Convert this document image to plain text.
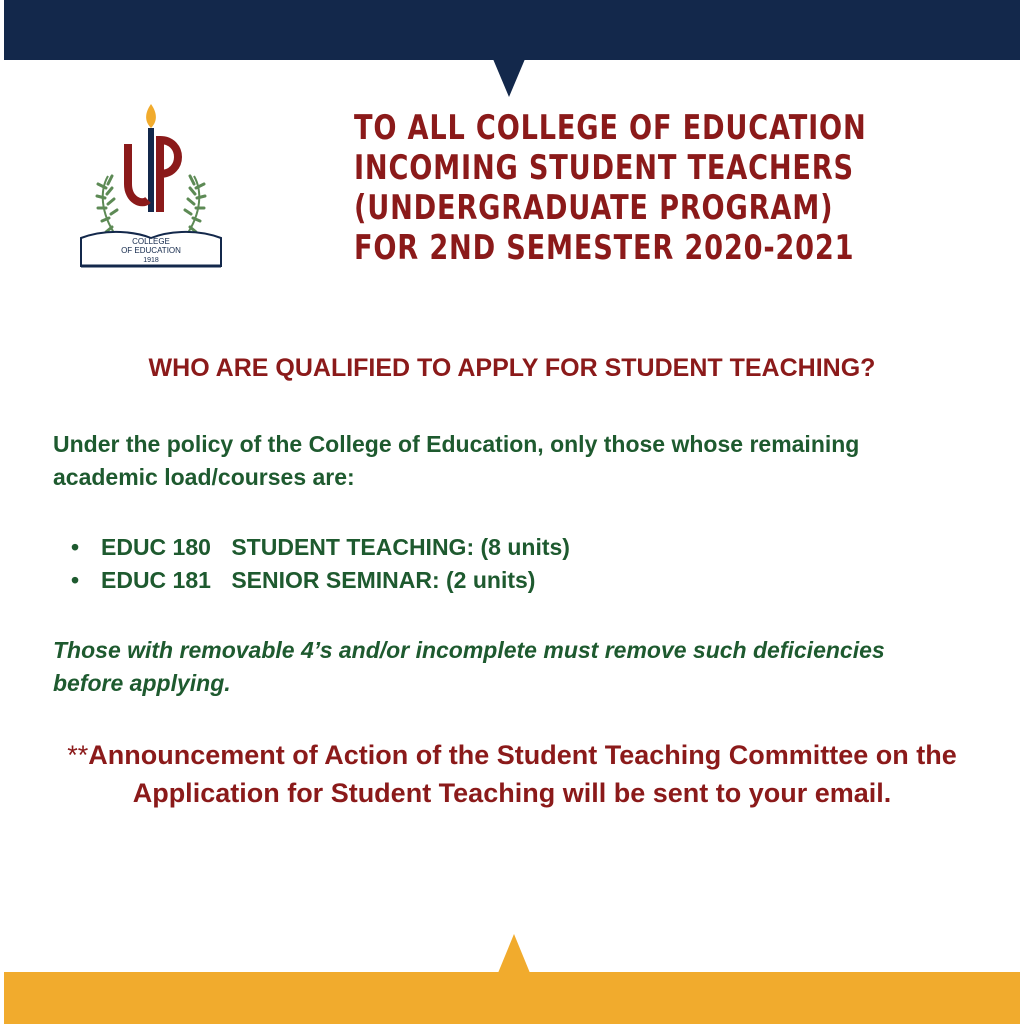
COLLEGE
OF EDUCATION
1918
TO ALL COLLEGE OF EDUCATION
INCOMING STUDENT TEACHERS
(UNDERGRADUATE PROGRAM)
FOR 2ND SEMESTER 2020-2021
WHO ARE QUALIFIED TO APPLY FOR STUDENT TEACHING?
Under the policy of the College of Education, only those whose remaining academic load/courses are:
• EDUC 180 STUDENT TEACHING: (8 units)
• EDUC 181 SENIOR SEMINAR: (2 units)
Those with removable 4’s and/or incomplete must remove such deficiencies before applying.
**Announcement of Action of the Student Teaching Committee on the Application for Student Teaching will be sent to your email.
